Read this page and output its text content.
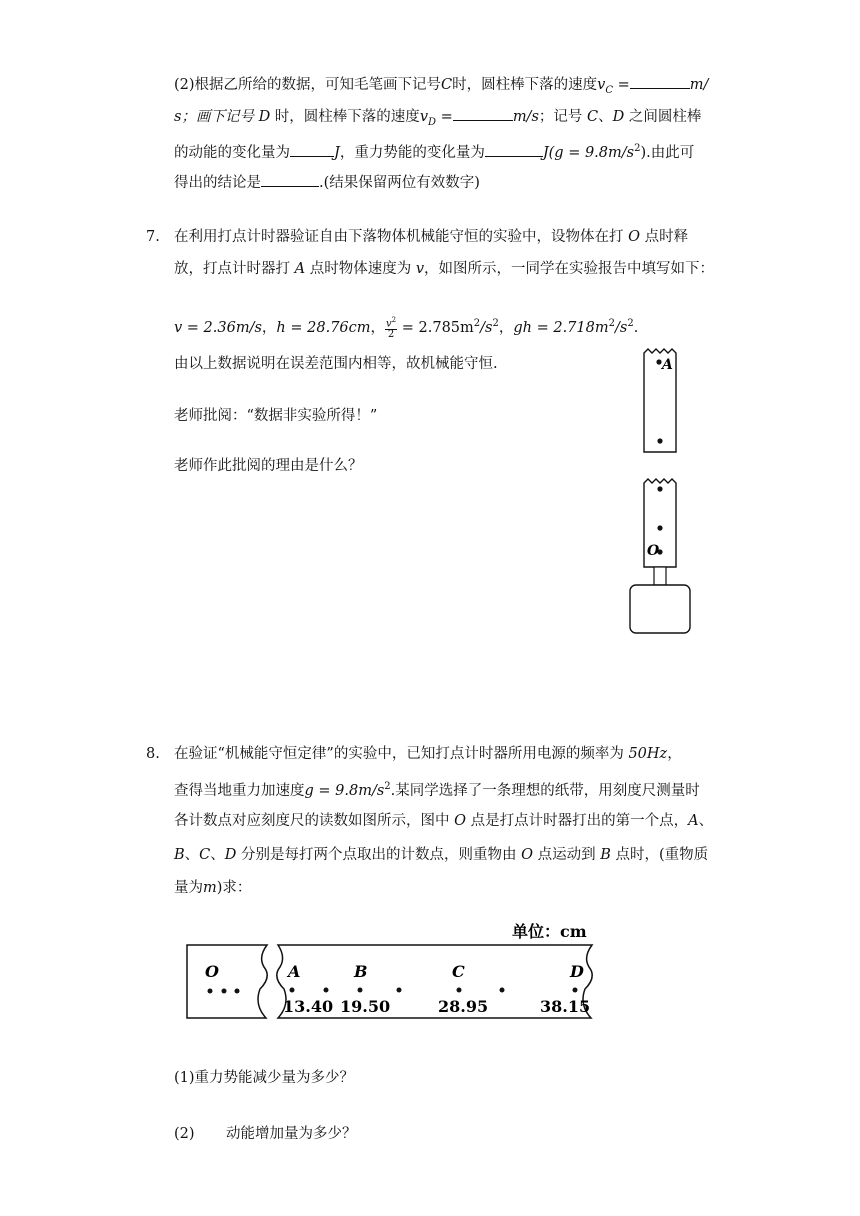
(2)根据乙所给的数据，可知毛笔画下记号C时，圆柱棒下落的速度$v_C$ =	m/
s；画下记号 D 时，圆柱棒下落的速度$v_D$ =	m/s；记号 C、D 之间圆柱棒
的动能的变化量为	J，重力势能的变化量为	$J(g = 9.8m/s^2)$.由此可
得出的结论是	.(结果保留两位有效数字)
7. 在利用打点计时器验证自由下落物体机械能守恒的实验中，设物体在打 O 点时释
放，打点计时器打 A 点时物体速度为 v，如图所示，一同学在实验报告中填写如下：
v = 2.36m/s，h = 28.76cm， $\frac{v^2}{2} = 2.785m^2/s^2$，gh = $2.718m^2/s^2$.
由以上数据说明在误差范围内相等，故机械能守恒.
老师批阅：“数据非实验所得！”
老师作此批阅的理由是什么？
A
O
8. 在验证“机械能守恒定律”的实验中，已知打点计时器所用电源的频率为 50Hz，
查得当地重力加速度$g = 9.8m/s^2$.某同学选择了一条理想的纸带，用刻度尺测量时
各计数点对应刻度尺的读数如图所示，图中 O 点是打点计时器打出的第一个点，A、
B、C、D 分别是每打两个点取出的计数点，则重物由 O 点运动到 B 点时，(重物质
量为m)求：
单位：cm
O	A
13.40
B
19.50
C
28.95
D
38.15
(1)重力势能减少量为多少？
(2) 动能增加量为多少？
